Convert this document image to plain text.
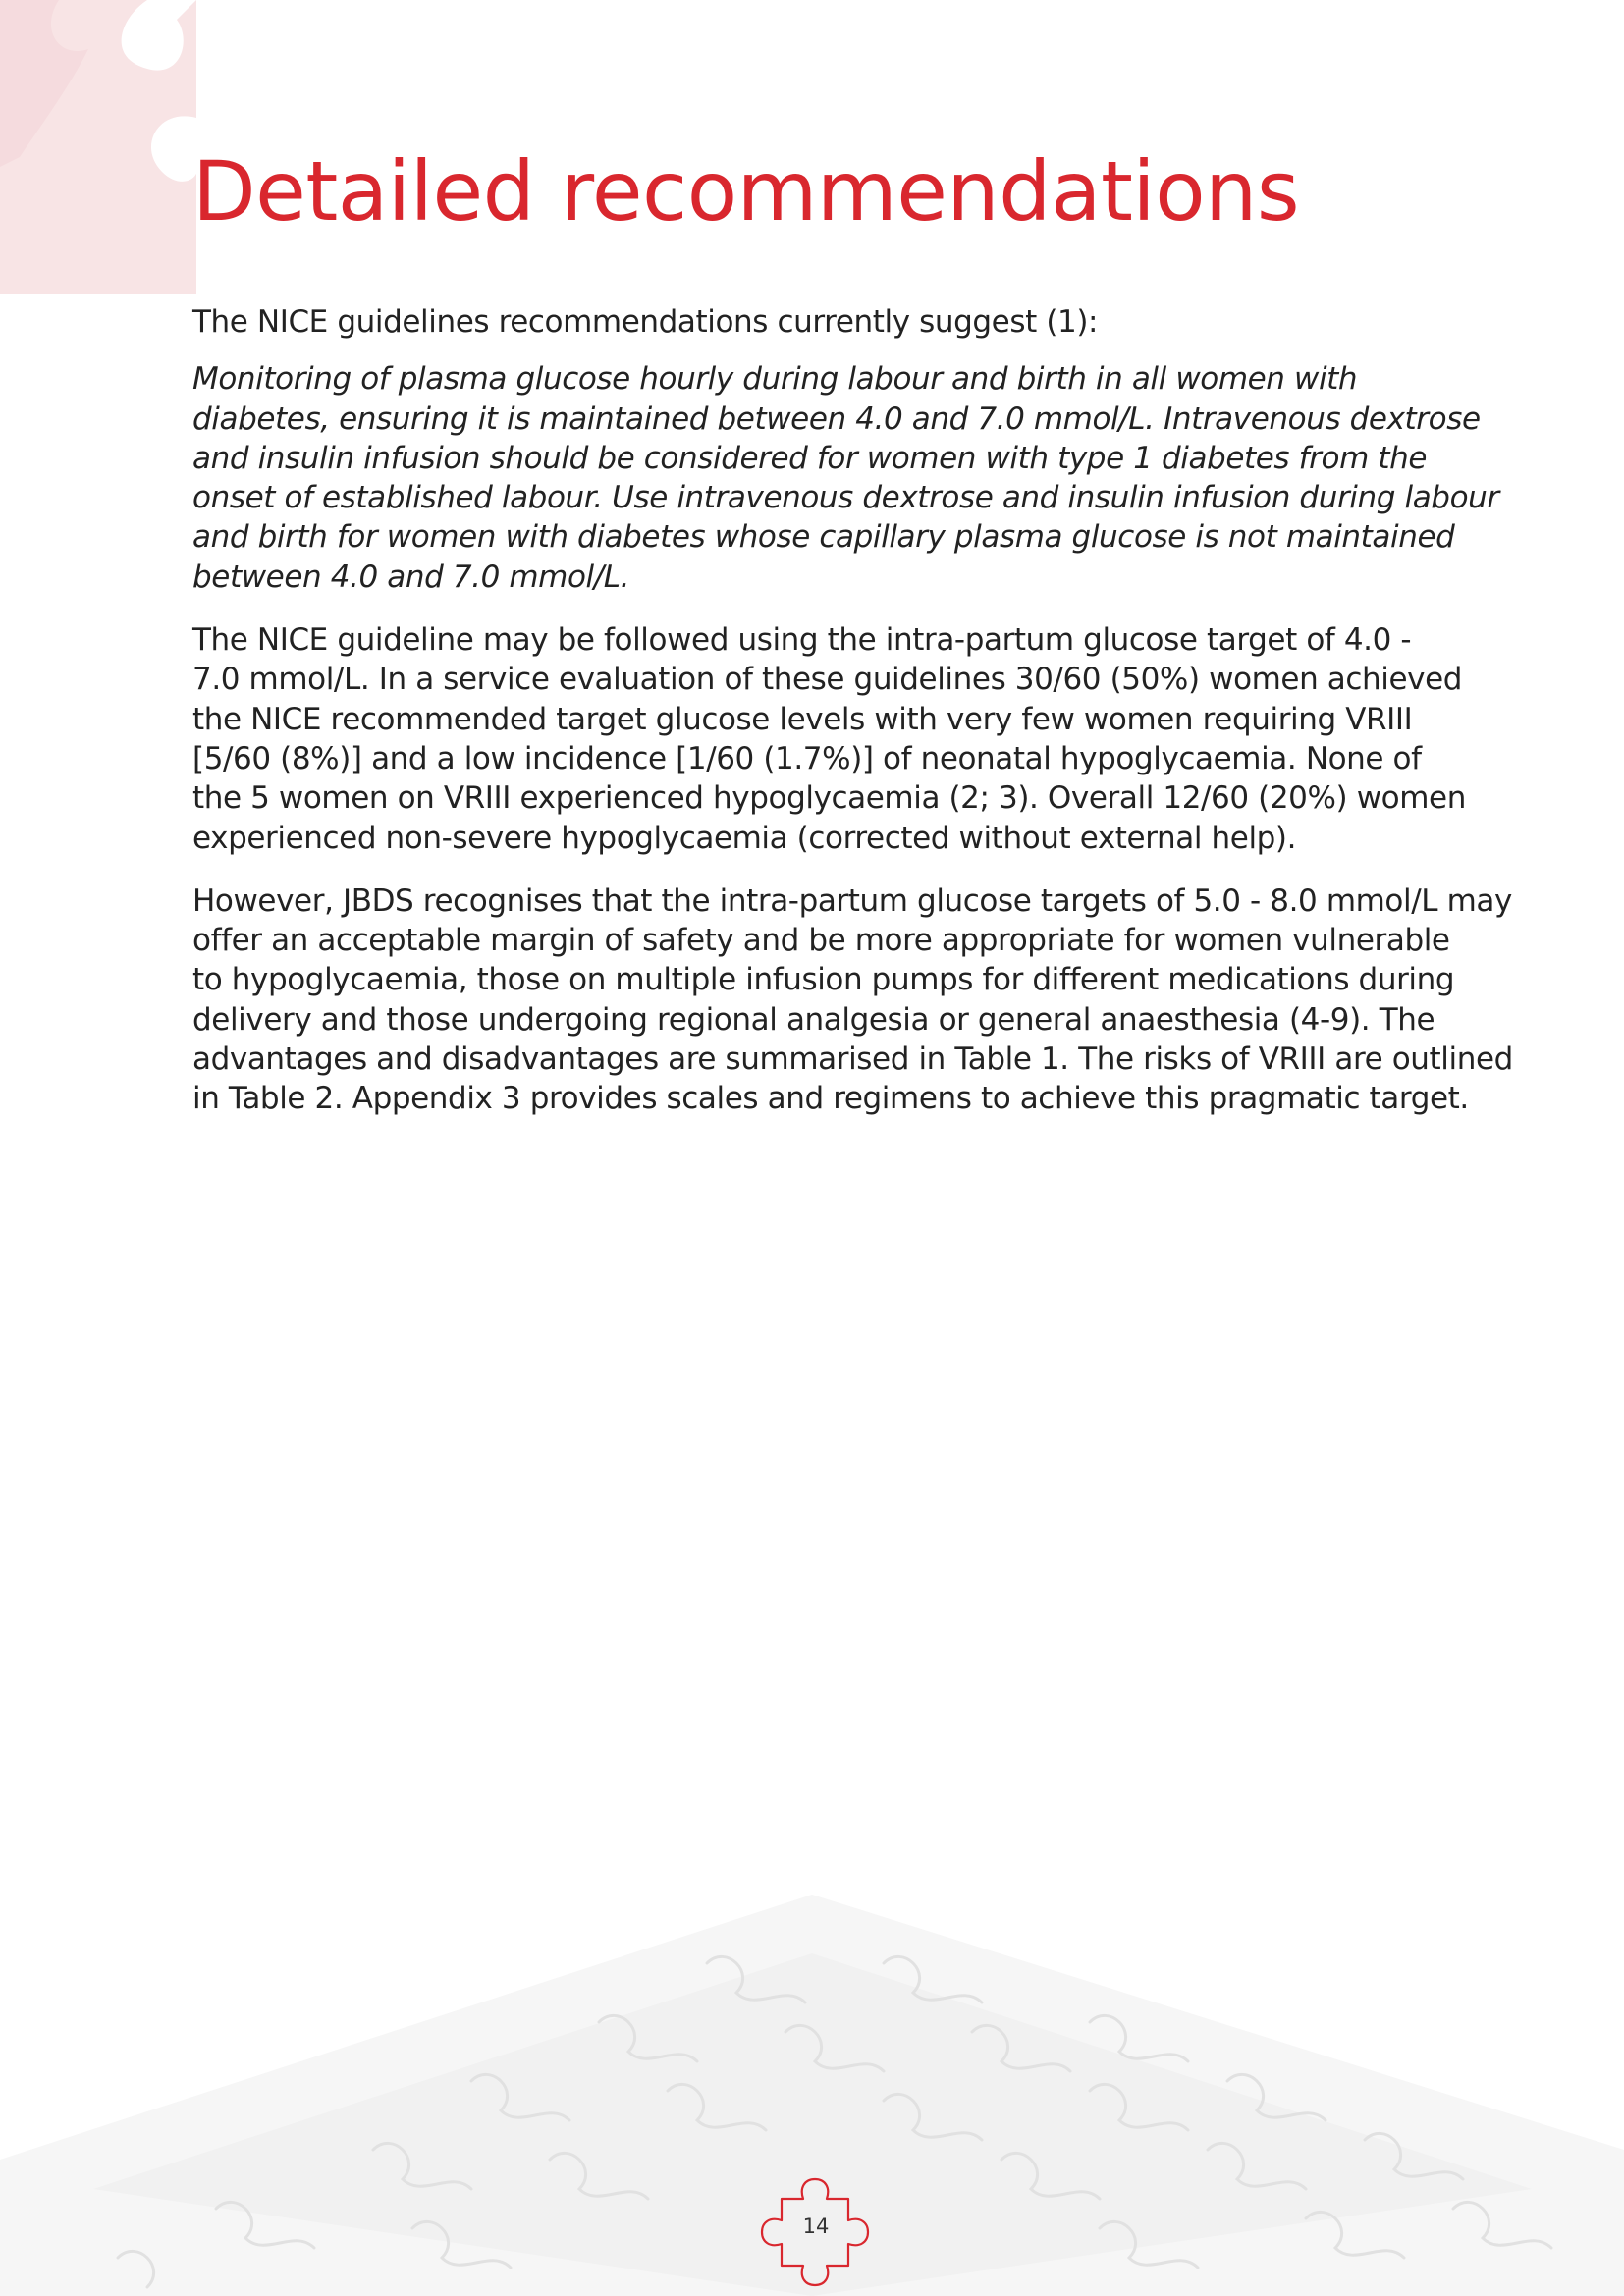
Detailed recommendations

The NICE guidelines recommendations currently suggest (1):

Monitoring of plasma glucose hourly during labour and birth in all women with
diabetes, ensuring it is maintained between 4.0 and 7.0 mmol/L. Intravenous dextrose
and insulin infusion should be considered for women with type 1 diabetes from the
onset of established labour. Use intravenous dextrose and insulin infusion during labour
and birth for women with diabetes whose capillary plasma glucose is not maintained
between 4.0 and 7.0 mmol/L.

The NICE guideline may be followed using the intra-partum glucose target of 4.0 -
7.0 mmol/L. In a service evaluation of these guidelines 30/60 (50%) women achieved
the NICE recommended target glucose levels with very few women requiring VRIII
[5/60 (8%)] and a low incidence [1/60 (1.7%)] of neonatal hypoglycaemia. None of
the 5 women on VRIII experienced hypoglycaemia (2; 3). Overall 12/60 (20%) women
experienced non-severe hypoglycaemia (corrected without external help).

However, JBDS recognises that the intra-partum glucose targets of 5.0 - 8.0 mmol/L may
offer an acceptable margin of safety and be more appropriate for women vulnerable
to hypoglycaemia, those on multiple infusion pumps for different medications during
delivery and those undergoing regional analgesia or general anaesthesia (4-9). The
advantages and disadvantages are summarised in Table 1. The risks of VRIII are outlined
in Table 2. Appendix 3 provides scales and regimens to achieve this pragmatic target.

14
